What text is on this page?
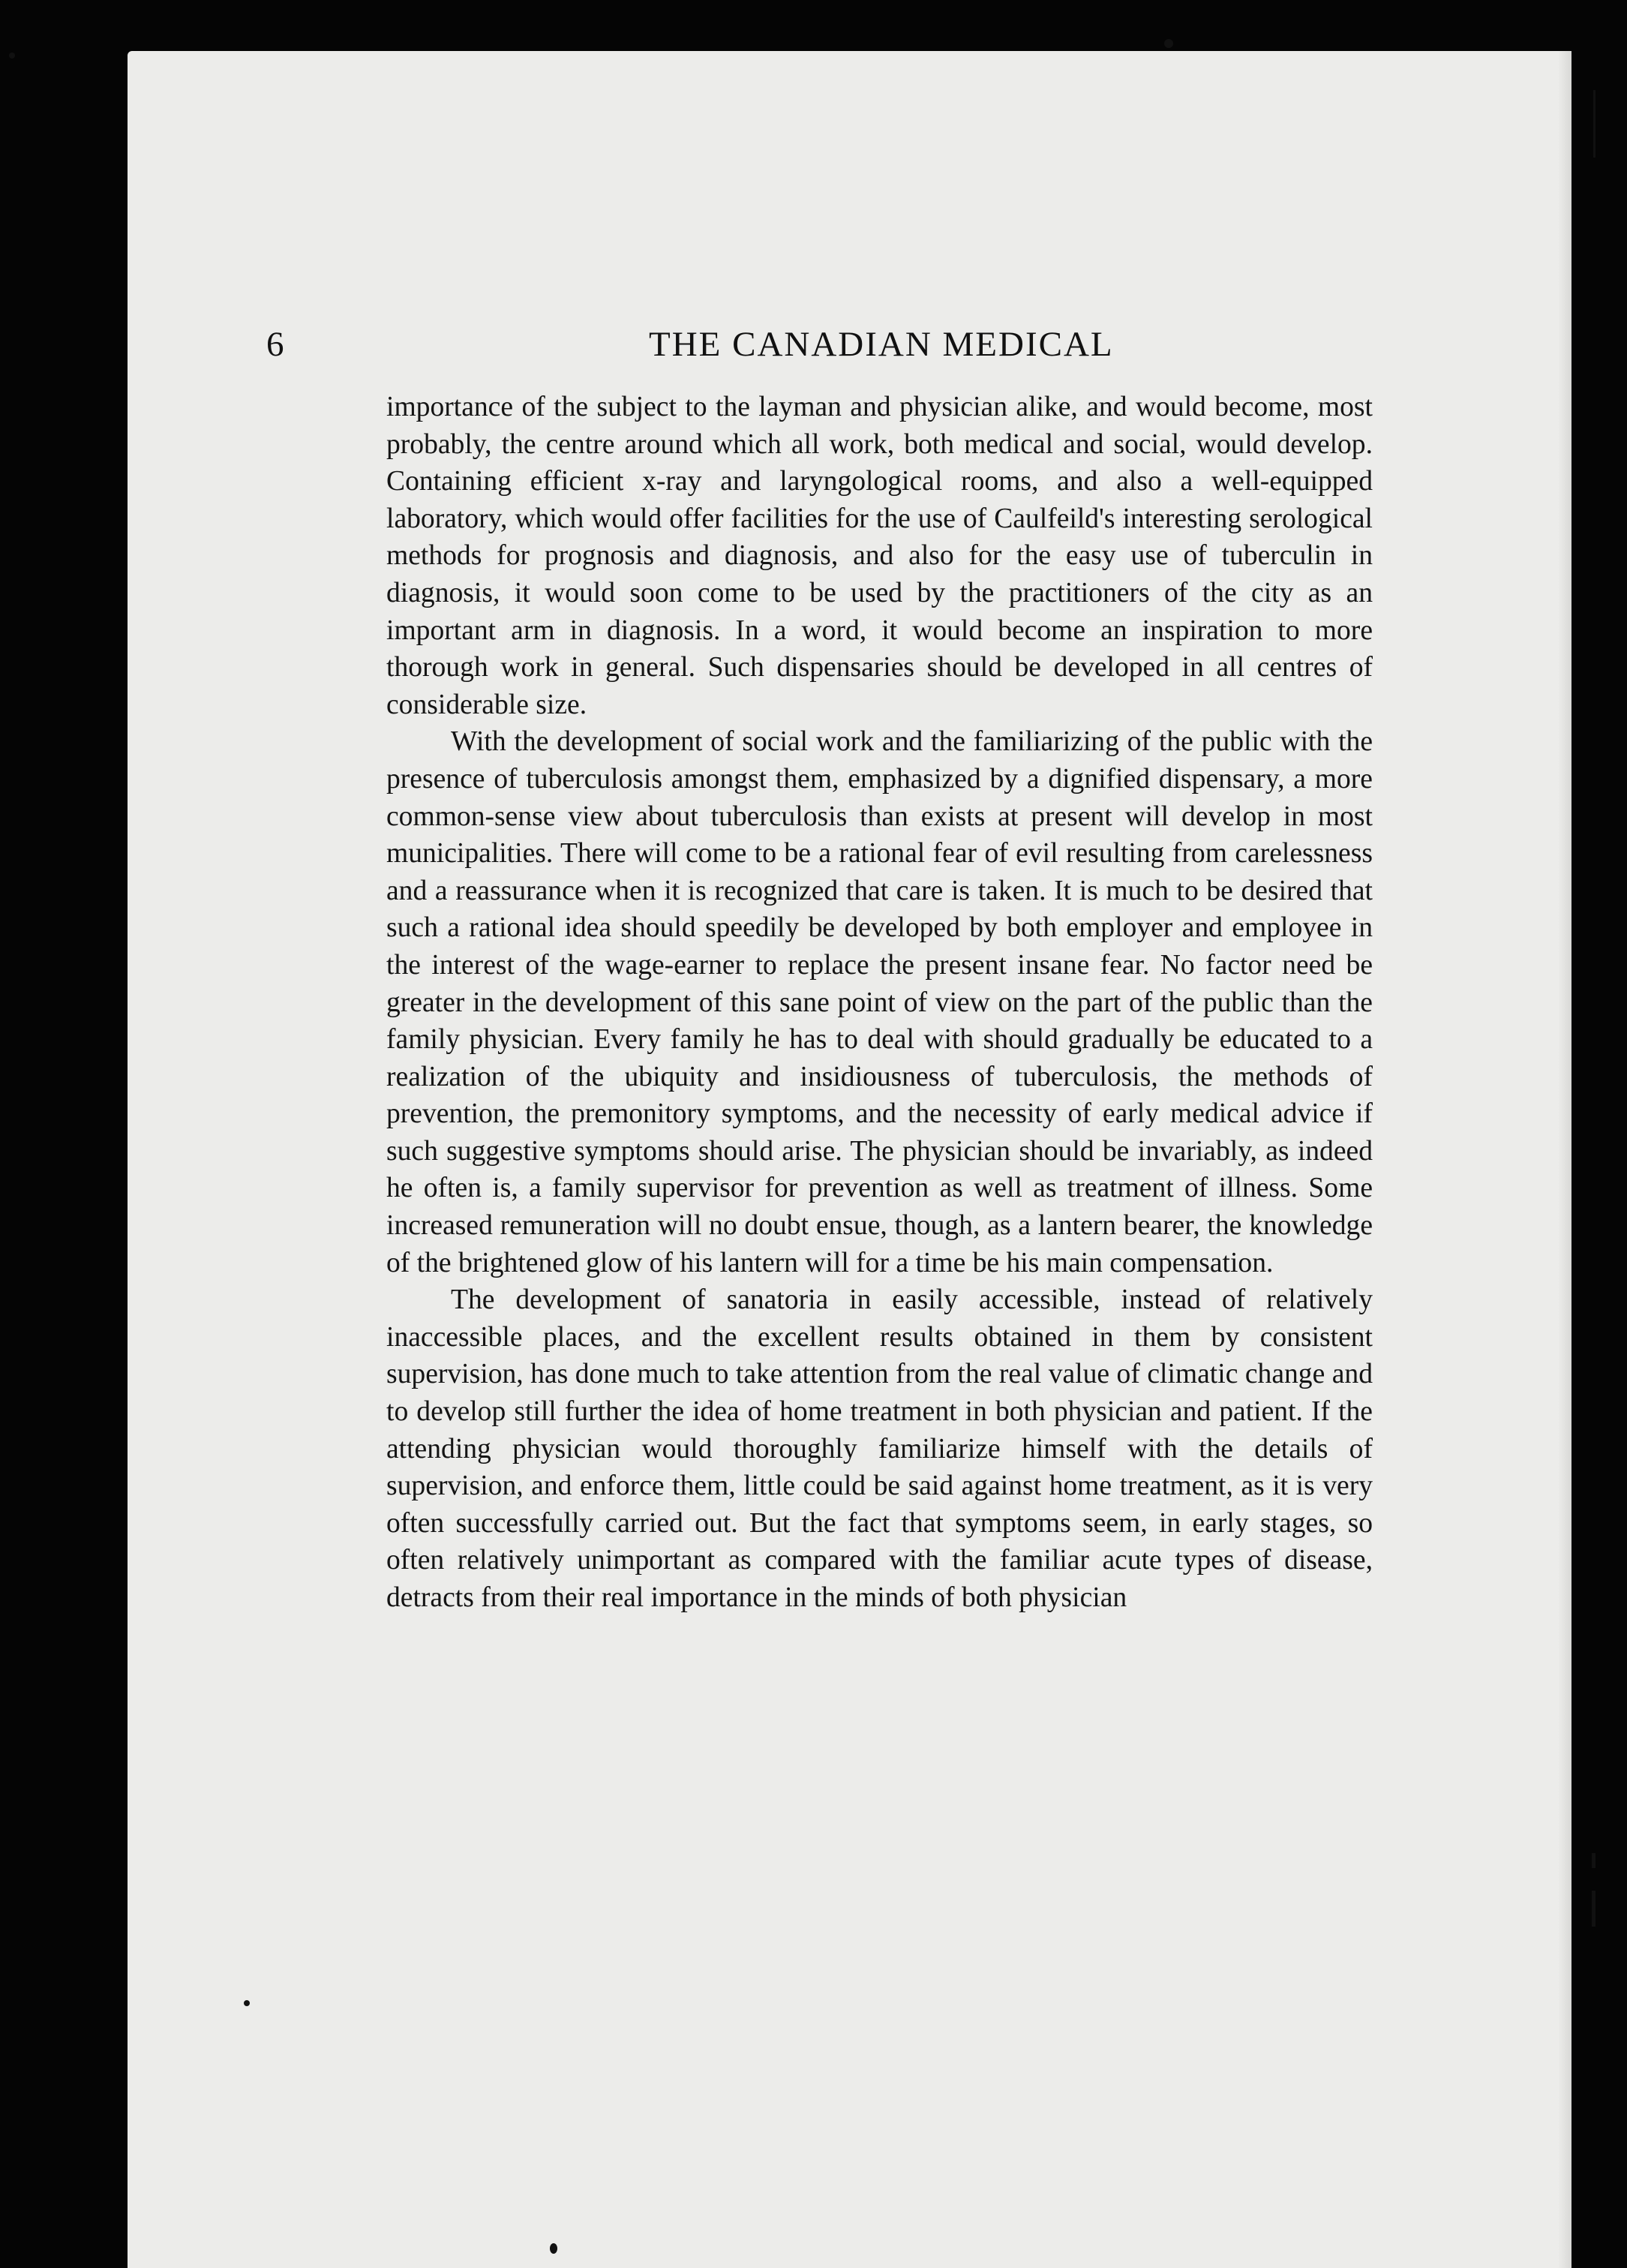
6	THE CANADIAN MEDICAL

importance of the subject to the layman and physician alike, and would become, most probably, the centre around which all work, both medical and social, would develop. Containing efficient x-ray and laryngological rooms, and also a well-equipped laboratory, which would offer facilities for the use of Caulfeild's interesting serological methods for prognosis and diagnosis, and also for the easy use of tuberculin in diagnosis, it would soon come to be used by the practitioners of the city as an important arm in diagnosis. In a word, it would become an inspiration to more thorough work in general. Such dispensaries should be developed in all centres of considerable size.

With the development of social work and the familiarizing of the public with the presence of tuberculosis amongst them, emphasized by a dignified dispensary, a more common-sense view about tuberculosis than exists at present will develop in most municipalities. There will come to be a rational fear of evil resulting from carelessness and a reassurance when it is recognized that care is taken. It is much to be desired that such a rational idea should speedily be developed by both employer and employee in the interest of the wage-earner to replace the present insane fear. No factor need be greater in the development of this sane point of view on the part of the public than the family physician. Every family he has to deal with should gradually be educated to a realization of the ubiquity and insidiousness of tuberculosis, the methods of prevention, the premonitory symptoms, and the necessity of early medical advice if such suggestive symptoms should arise. The physician should be invariably, as indeed he often is, a family supervisor for prevention as well as treatment of illness. Some increased remuneration will no doubt ensue, though, as a lantern bearer, the knowledge of the brightened glow of his lantern will for a time be his main compensation.

The development of sanatoria in easily accessible, instead of relatively inaccessible places, and the excellent results obtained in them by consistent supervision, has done much to take attention from the real value of climatic change and to develop still further the idea of home treatment in both physician and patient. If the attending physician would thoroughly familiarize himself with the details of supervision, and enforce them, little could be said against home treatment, as it is very often successfully carried out. But the fact that symptoms seem, in early stages, so often relatively unimportant as compared with the familiar acute types of disease, detracts from their real importance in the minds of both physician
